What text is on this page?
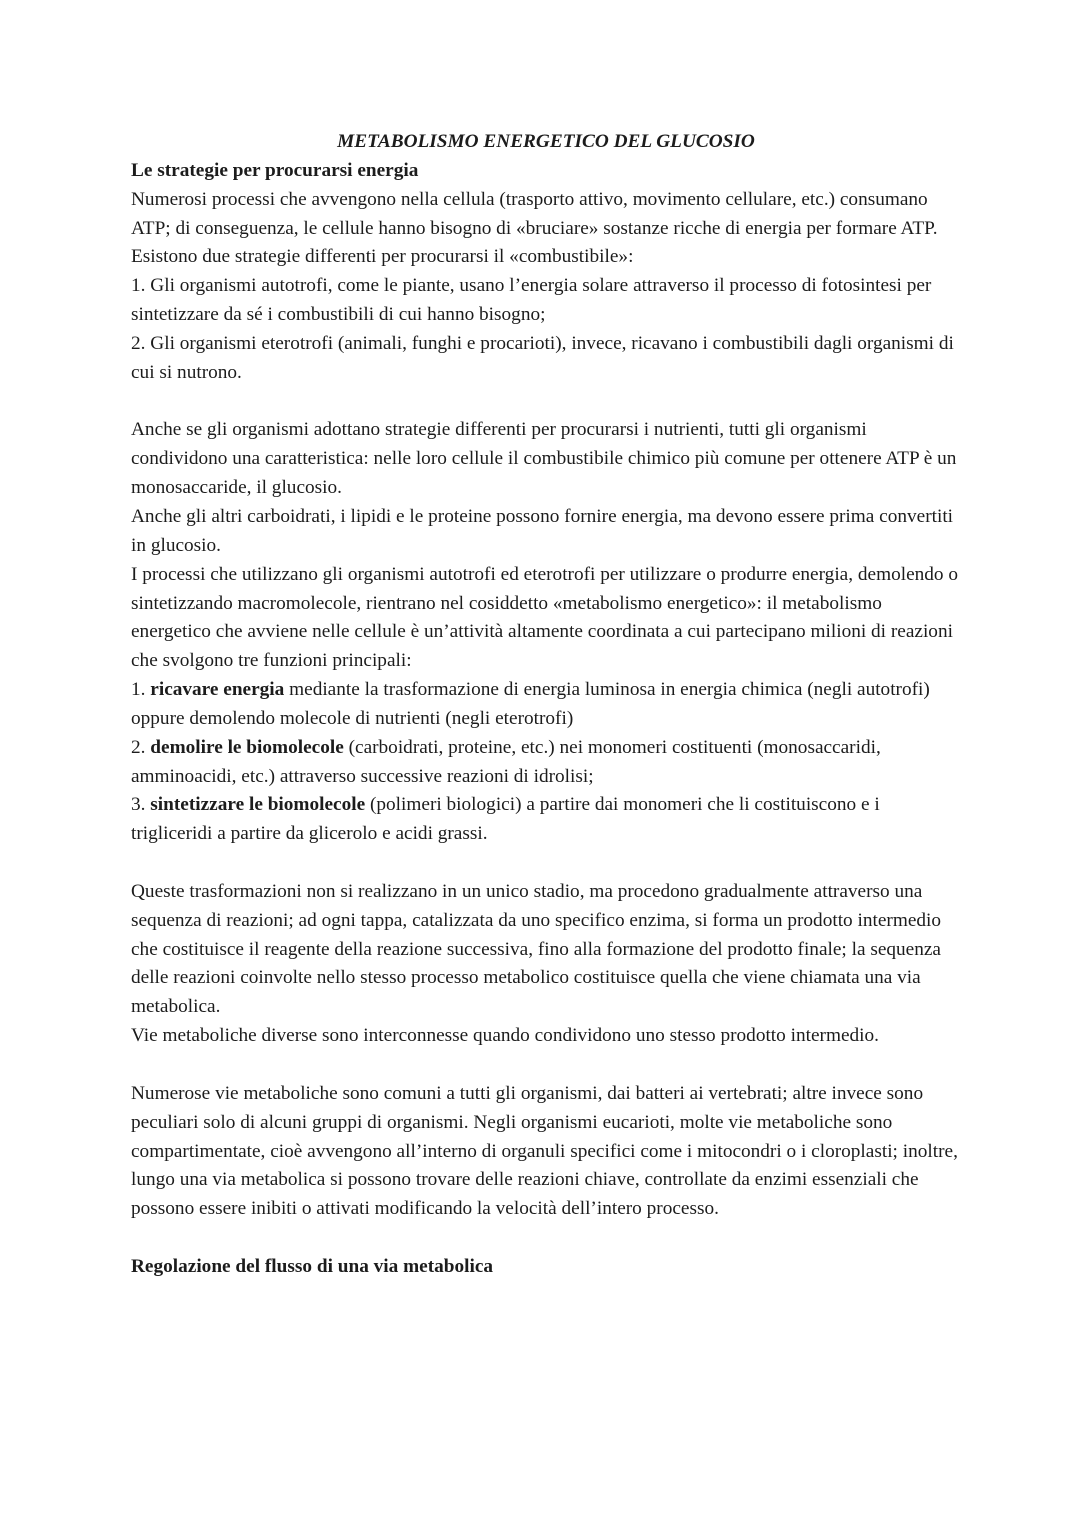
METABOLISMO ENERGETICO DEL GLUCOSIO
Le strategie per procurarsi energia

Numerosi processi che avvengono nella cellula (trasporto attivo, movimento cellulare, etc.) consumano ATP; di conseguenza, le cellule hanno bisogno di «bruciare» sostanze ricche di energia per formare ATP.

Esistono due strategie differenti per procurarsi il «combustibile»:

1. Gli organismi autotrofi, come le piante, usano l’energia solare attraverso il processo di fotosintesi per sintetizzare da sé i combustibili di cui hanno bisogno;

2. Gli organismi eterotrofi (animali, funghi e procarioti), invece, ricavano i combustibili dagli organismi di cui si nutrono.

Anche se gli organismi adottano strategie differenti per procurarsi i nutrienti, tutti gli organismi condividono una caratteristica: nelle loro cellule il combustibile chimico più comune per ottenere ATP è un monosaccaride, il glucosio.

Anche gli altri carboidrati, i lipidi e le proteine possono fornire energia, ma devono essere prima convertiti in glucosio.

I processi che utilizzano gli organismi autotrofi ed eterotrofi per utilizzare o produrre energia, demolendo o sintetizzando macromolecole, rientrano nel cosiddetto «metabolismo energetico»: il metabolismo energetico che avviene nelle cellule è un’attività altamente coordinata a cui partecipano milioni di reazioni che svolgono tre funzioni principali:

1. ricavare energia mediante la trasformazione di energia luminosa in energia chimica (negli autotrofi) oppure demolendo molecole di nutrienti (negli eterotrofi)

2. demolire le biomolecole (carboidrati, proteine, etc.) nei monomeri costituenti (monosaccaridi, amminoacidi, etc.) attraverso successive reazioni di idrolisi;

3. sintetizzare le biomolecole (polimeri biologici) a partire dai monomeri che li costituiscono e i trigliceridi a partire da glicerolo e acidi grassi.

Queste trasformazioni non si realizzano in un unico stadio, ma procedono gradualmente attraverso una sequenza di reazioni; ad ogni tappa, catalizzata da uno specifico enzima, si forma un prodotto intermedio che costituisce il reagente della reazione successiva, fino alla formazione del prodotto finale; la sequenza delle reazioni coinvolte nello stesso processo metabolico costituisce quella che viene chiamata una via metabolica.

Vie metaboliche diverse sono interconnesse quando condividono uno stesso prodotto intermedio.

Numerose vie metaboliche sono comuni a tutti gli organismi, dai batteri ai vertebrati; altre invece sono peculiari solo di alcuni gruppi di organismi. Negli organismi eucarioti, molte vie metaboliche sono compartimentate, cioè avvengono all’interno di organuli specifici come i mitocondri o i cloroplasti; inoltre, lungo una via metabolica si possono trovare delle reazioni chiave, controllate da enzimi essenziali che possono essere inibiti o attivati modificando la velocità dell’intero processo.

Regolazione del flusso di una via metabolica
